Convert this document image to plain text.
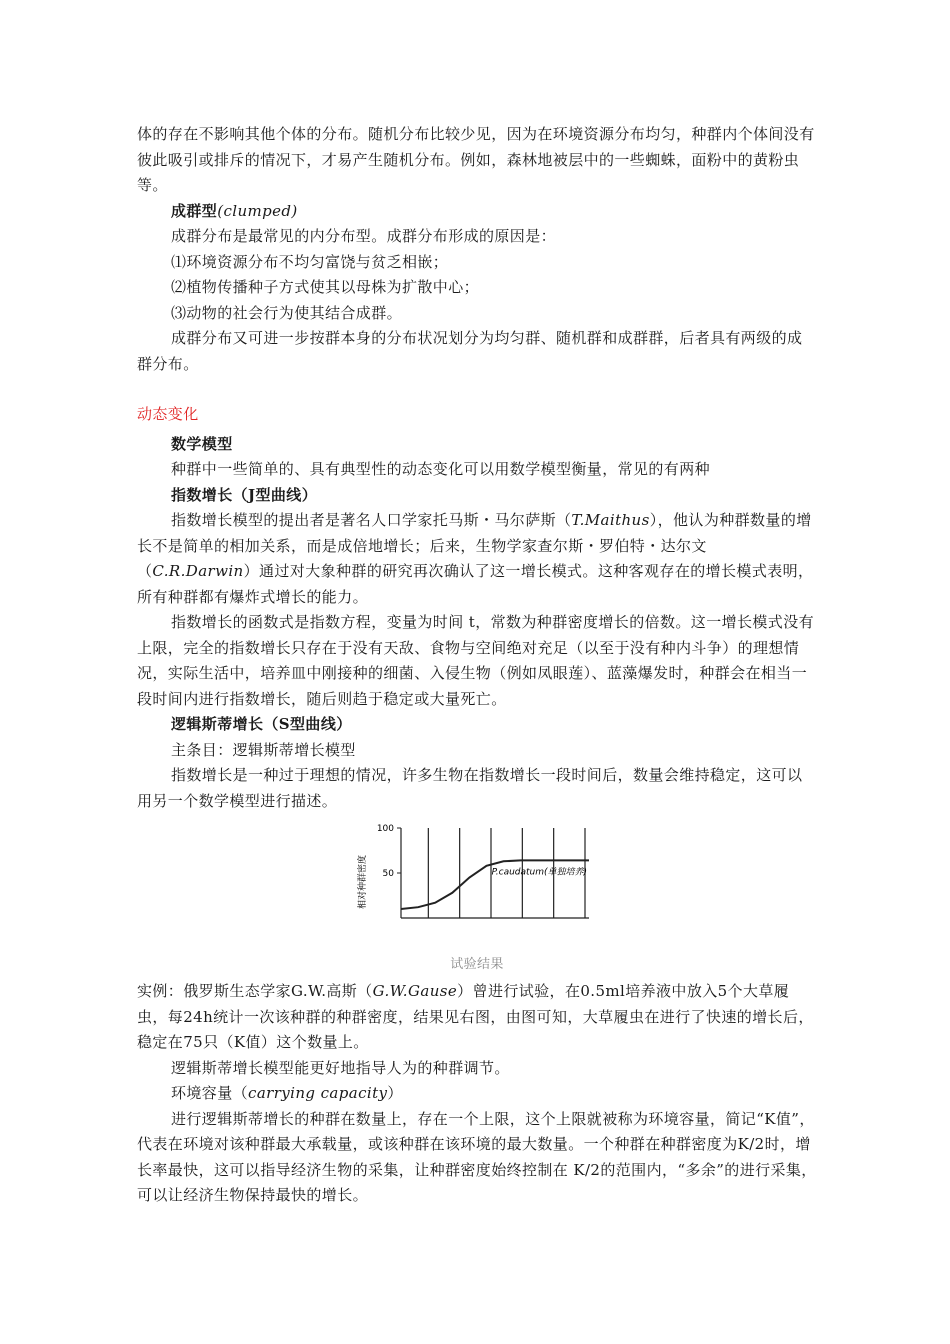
体的存在不影响其他个体的分布。随机分布比较少见，因为在环境资源分布均匀，种群内个体间没有彼此吸引或排斥的情况下，才易产生随机分布。例如，森林地被层中的一些蜘蛛，面粉中的黄粉虫等。

成群型(clumped)

成群分布是最常见的内分布型。成群分布形成的原因是：

⑴环境资源分布不均匀富饶与贫乏相嵌；

⑵植物传播种子方式使其以母株为扩散中心；

⑶动物的社会行为使其结合成群。

成群分布又可进一步按群本身的分布状况划分为均匀群、随机群和成群群，后者具有两级的成群分布。

动态变化

数学模型

种群中一些简单的、具有典型性的动态变化可以用数学模型衡量，常见的有两种

指数增长（J型曲线）

指数增长模型的提出者是著名人口学家托马斯・马尔萨斯（T.Maithus），他认为种群数量的增长不是简单的相加关系，而是成倍地增长；后来，生物学家查尔斯・罗伯特・达尔文（C.R.Darwin）通过对大象种群的研究再次确认了这一增长模式。这种客观存在的增长模式表明，所有种群都有爆炸式增长的能力。

指数增长的函数式是指数方程，变量为时间 t，常数为种群密度增长的倍数。这一增长模式没有上限，完全的指数增长只存在于没有天敌、食物与空间绝对充足（以至于没有种内斗争）的理想情况，实际生活中，培养皿中刚接种的细菌、入侵生物（例如凤眼莲）、蓝藻爆发时，种群会在相当一段时间内进行指数增长，随后则趋于稳定或大量死亡。

逻辑斯蒂增长（S型曲线）

主条目：逻辑斯蒂增长模型

指数增长是一种过于理想的情况，许多生物在指数增长一段时间后，数量会维持稳定，这可以用另一个数学模型进行描述。

相对种群密度
100
50	P.caudatum(单独培养)

试验结果

实例：俄罗斯生态学家G.W.高斯（G.W.Gause）曾进行试验，在0.5ml培养液中放入5个大草履虫，每24h统计一次该种群的种群密度，结果见右图，由图可知，大草履虫在进行了快速的增长后，稳定在75只（K值）这个数量上。

逻辑斯蒂增长模型能更好地指导人为的种群调节。

环境容量（carrying capacity）

进行逻辑斯蒂增长的种群在数量上，存在一个上限，这个上限就被称为环境容量，简记“K值”，代表在环境对该种群最大承载量，或该种群在该环境的最大数量。一个种群在种群密度为K/2时，增长率最快，这可以指导经济生物的采集，让种群密度始终控制在 K/2的范围内，“多余”的进行采集，可以让经济生物保持最快的增长。
